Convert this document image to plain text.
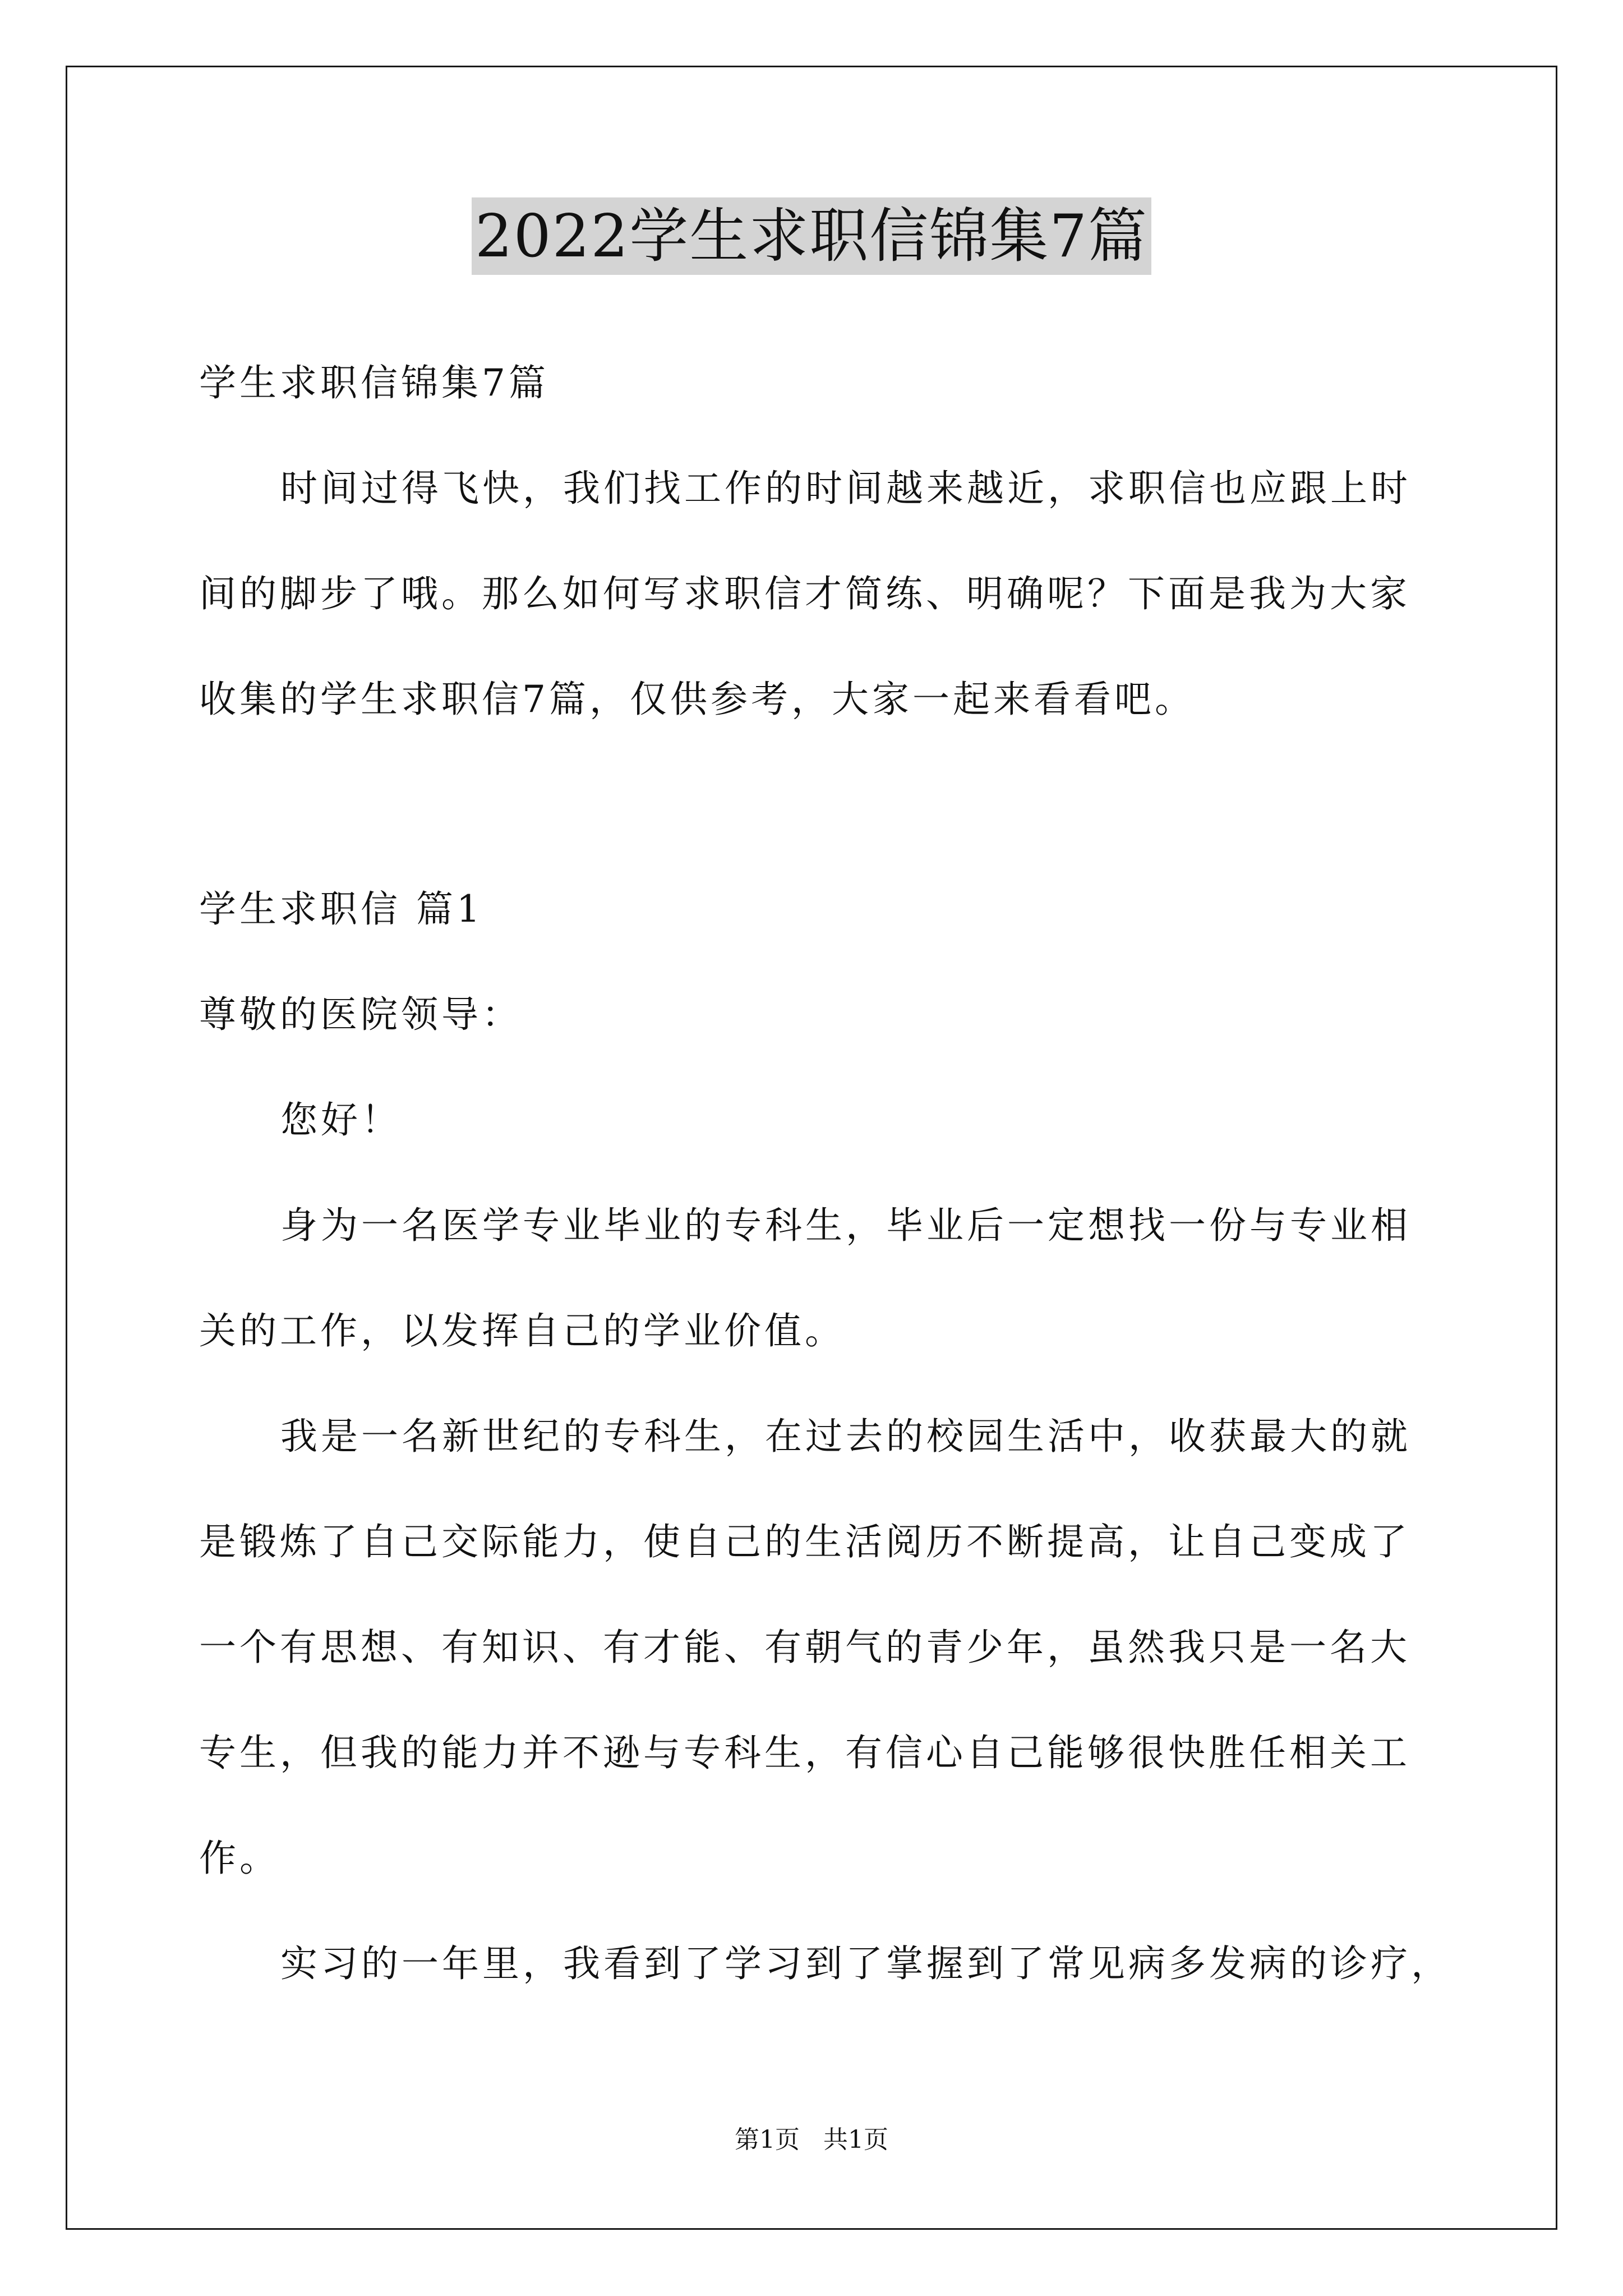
2022学生求职信锦集7篇
学生求职信锦集7篇
时间过得飞快，我们找工作的时间越来越近，求职信也应跟上时
间的脚步了哦。那么如何写求职信才简练、明确呢？下面是我为大家
收集的学生求职信7篇，仅供参考，大家一起来看看吧。
学生求职信 篇1
尊敬的医院领导：
您好！
身为一名医学专业毕业的专科生，毕业后一定想找一份与专业相
关的工作，以发挥自己的学业价值。
我是一名新世纪的专科生，在过去的校园生活中，收获最大的就
是锻炼了自己交际能力，使自己的生活阅历不断提高，让自己变成了
一个有思想、有知识、有才能、有朝气的青少年，虽然我只是一名大
专生，但我的能力并不逊与专科生，有信心自己能够很快胜任相关工
作。
实习的一年里，我看到了学习到了掌握到了常见病多发病的诊疗，
第1页   共1页
